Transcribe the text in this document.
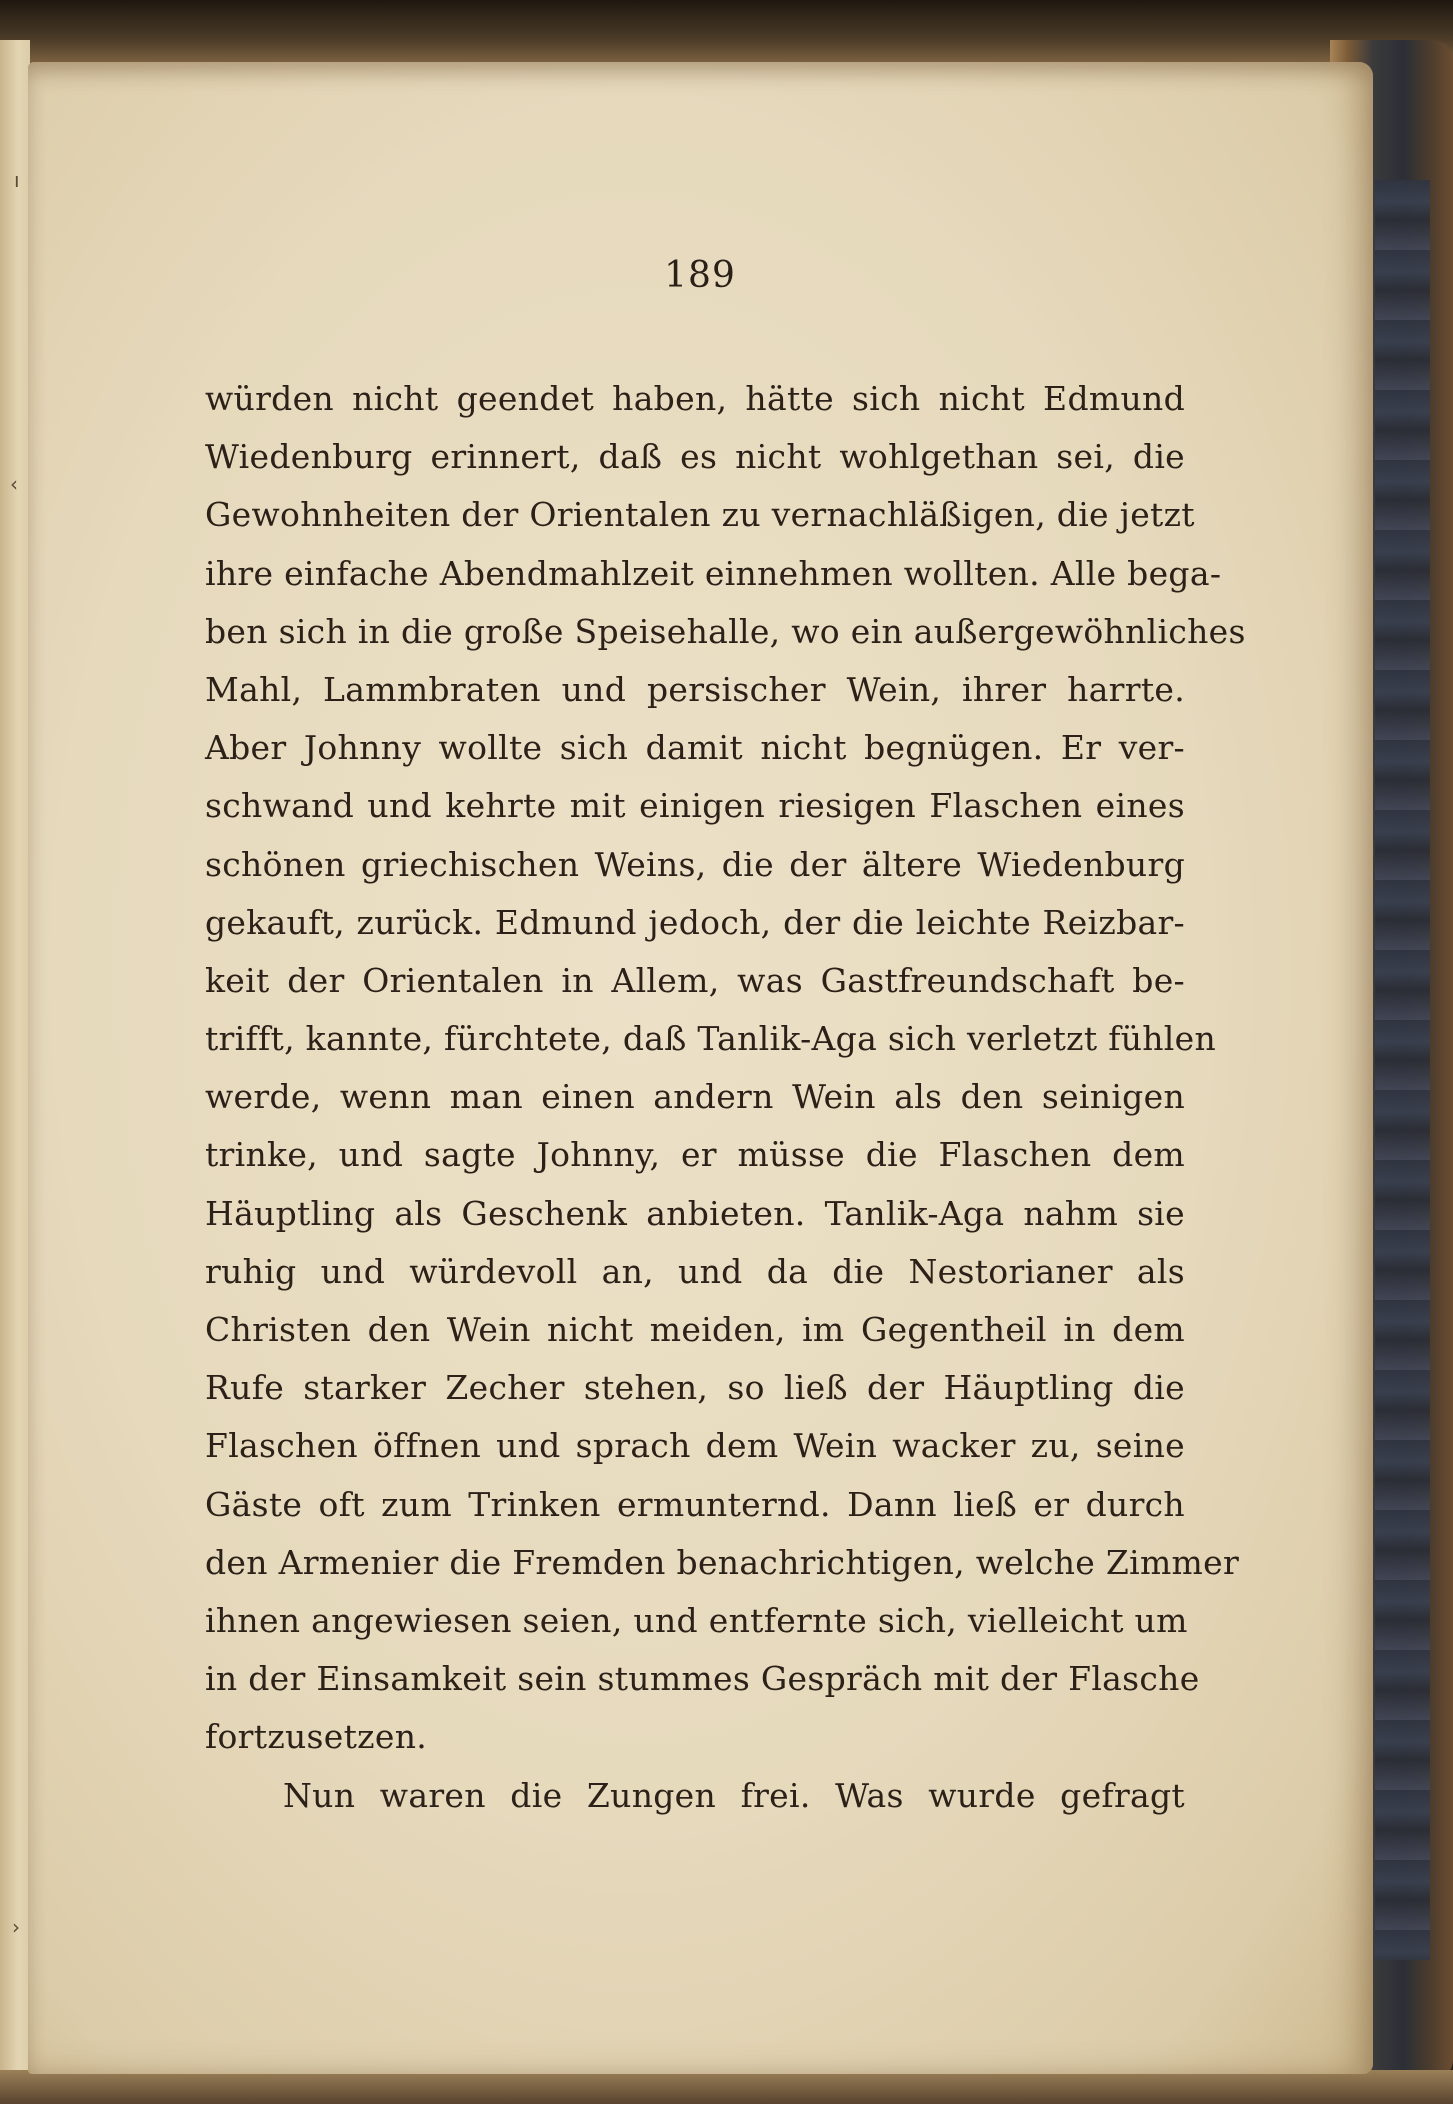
ı
‹
›
189
würden nicht geendet haben, hätte sich nicht Edmund
Wiedenburg erinnert, daß es nicht wohlgethan sei, die
Gewohnheiten der Orientalen zu vernachläßigen, die jetzt
ihre einfache Abendmahlzeit einnehmen wollten. Alle bega-
ben sich in die große Speisehalle, wo ein außergewöhnliches
Mahl, Lammbraten und persischer Wein, ihrer harrte.
Aber Johnny wollte sich damit nicht begnügen. Er ver-
schwand und kehrte mit einigen riesigen Flaschen eines
schönen griechischen Weins, die der ältere Wiedenburg
gekauft, zurück. Edmund jedoch, der die leichte Reizbar-
keit der Orientalen in Allem, was Gastfreundschaft be-
trifft, kannte, fürchtete, daß Tanlik-Aga sich verletzt fühlen
werde, wenn man einen andern Wein als den seinigen
trinke, und sagte Johnny, er müsse die Flaschen dem
Häuptling als Geschenk anbieten. Tanlik-Aga nahm sie
ruhig und würdevoll an, und da die Nestorianer als
Christen den Wein nicht meiden, im Gegentheil in dem
Rufe starker Zecher stehen, so ließ der Häuptling die
Flaschen öffnen und sprach dem Wein wacker zu, seine
Gäste oft zum Trinken ermunternd. Dann ließ er durch
den Armenier die Fremden benachrichtigen, welche Zimmer
ihnen angewiesen seien, und entfernte sich, vielleicht um
in der Einsamkeit sein stummes Gespräch mit der Flasche
fortzusetzen.
Nun waren die Zungen frei. Was wurde gefragt
